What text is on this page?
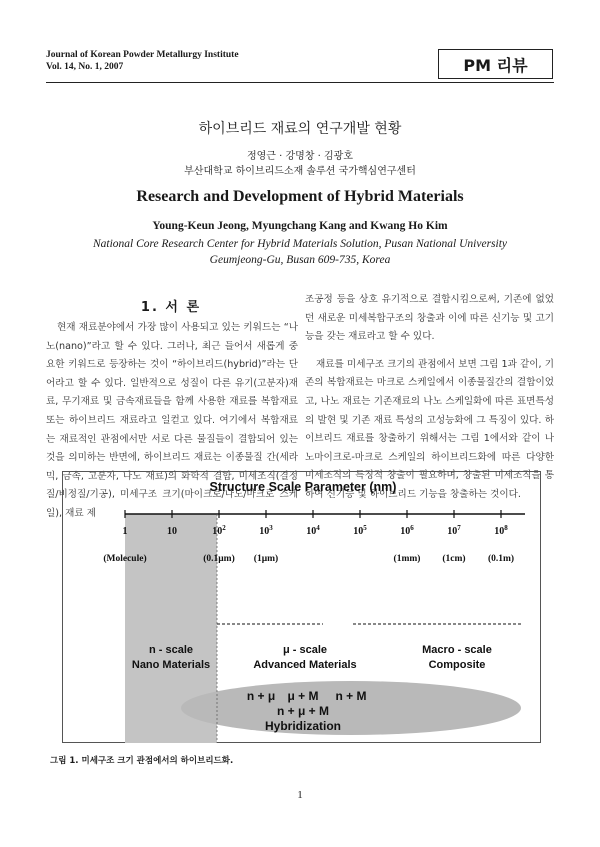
Journal of Korean Powder Metallurgy Institute
Vol. 14, No. 1, 2007	PM 리뷰
하이브리드 재료의 연구개발 현황
정영근 · 강명창 · 김광호
부산대학교 하이브리드소재 솔루션 국가핵심연구센터
Research and Development of Hybrid Materials
Young-Keun Jeong, Myungchang Kang and Kwang Ho Kim
National Core Research Center for Hybrid Materials Solution, Pusan National University
Geumjeong-Gu, Busan 609-735, Korea
1. 서 론

현재 재료분야에서 가장 많이 사용되고 있는 키워드는 “나노(nano)”라고 할 수 있다. 그러나, 최근 들어서 새롭게 중요한 키워드로 등장하는 것이 “하이브리드(hybrid)”라는 단어라고 할 수 있다. 일반적으로 성질이 다른 유기(고분자)재료, 무기재료 및 금속재료들을 함께 사용한 재료를 복합재료 또는 하이브리드 재료라고 일컫고 있다. 여기에서 복합재료는 재료적인 관점에서만 서로 다른 물질들이 결합되어 있는 것을 의미하는 반면에, 하이브리드 재료는 이종물질 간(세라믹, 금속, 고분자, 나노 재료)의 화학적 결합, 미세조직(결정질/비정질/기공), 미세구조 크기(마이크로/나노/마크로 스케일), 재료 제

조공정 등을 상호 유기적으로 결합시킴으로써, 기존에 없었던 새로운 미세복합구조의 창출과 이에 따른 신기능 및 고기능을 갖는 재료라고 할 수 있다.

재료를 미세구조 크기의 관점에서 보면 그림 1과 같이, 기존의 복합재료는 마크로 스케일에서 이종물질간의 결합이었고, 나노 재료는 기존재료의 나노 스케일화에 따른 표면특성의 발현 및 기존 재료 특성의 고성능화에 그 특징이 있다. 하이브리드 재료를 창출하기 위해서는 그림 1에서와 같이 나노마이크로-마크로 스케일의 하이브리드화에 따른 다양한 미세조직의 특징적 창출이 필요하며, 창출된 미세조직을 통하여 신기능 및 하이브리드 기능을 창출하는 것이다.

Structure Scale Parameter (nm)
1	10	$10^2$	$10^3$	$10^4$	$10^5$	$10^6$	$10^7$	$10^8$
(Molecule)	(0.1μm) (1μm)	(1mm) (1cm) (0.1m)
n - scale
Nano Materials
μ - scale
Advanced Materials
Macro - scale
Composite
n + μ μ + M n + M
n + μ + M
Hybridization
그림 1. 미세구조 크기 관점에서의 하이브리드화.
1
